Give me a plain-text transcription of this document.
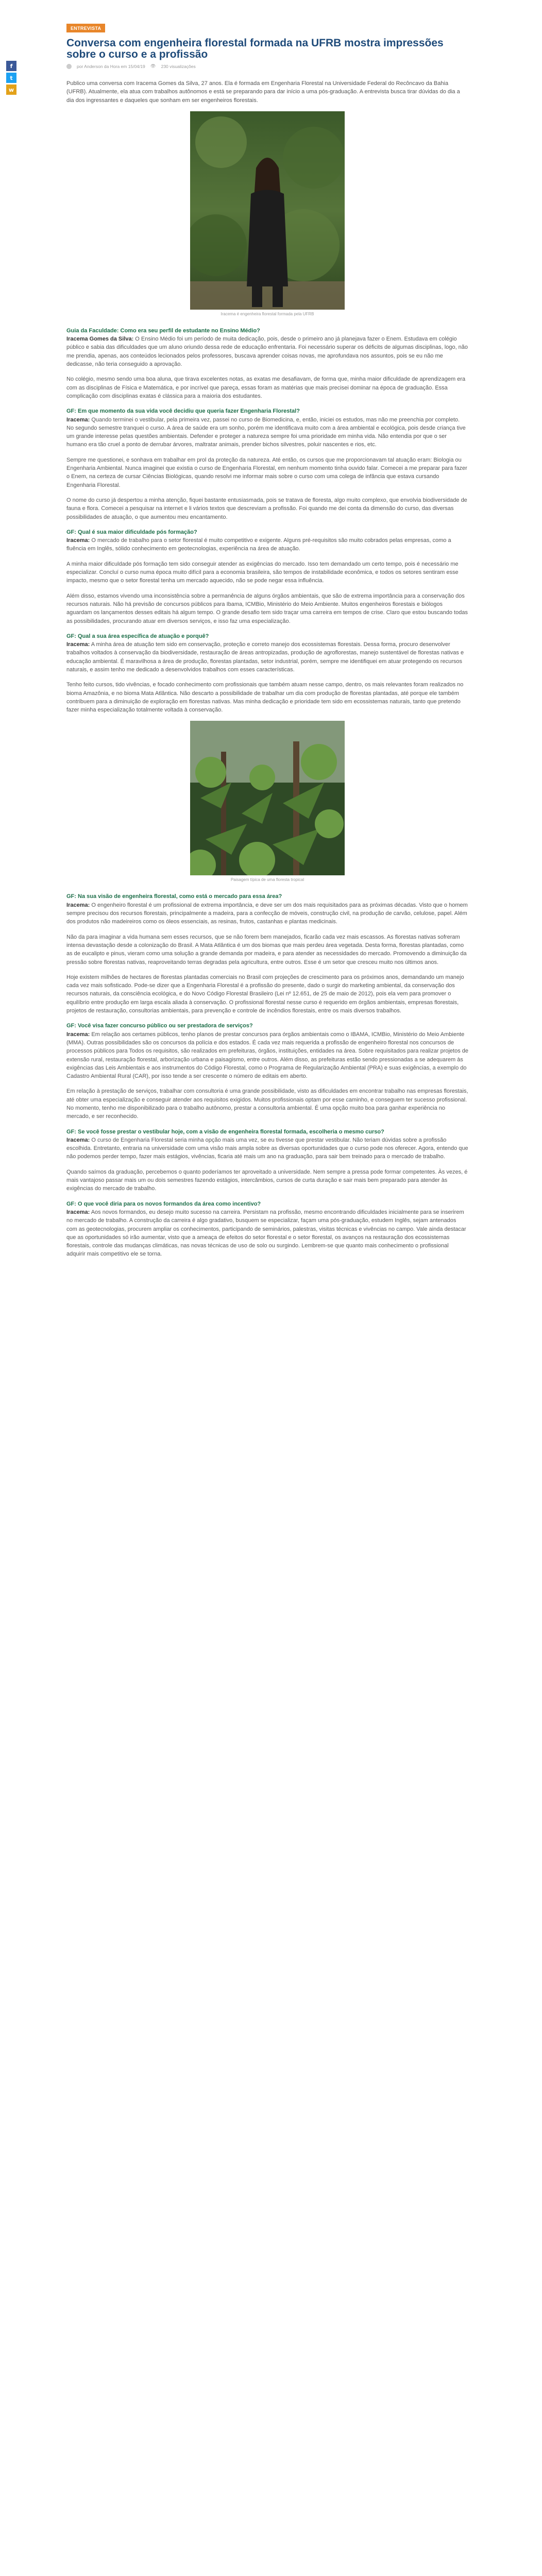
f
t
w
ENTREVISTA
Conversa com engenheira florestal formada na UFRB mostra impressões sobre o curso e a profissão
por Anderson da Hora em 15/04/19 👁 230 visualizações

Publico uma conversa com Iracema Gomes da Silva, 27 anos. Ela é formada em Engenharia Florestal na Universidade Federal do Recôncavo da Bahia (UFRB). Atualmente, ela atua com trabalhos autônomos e está se preparando para dar início a uma pós-graduação. A entrevista busca tirar dúvidas do dia a dia dos ingressantes e daqueles que sonham em ser engenheiros florestais.

Iracema é engenheira florestal formada pela UFRB

Guia da Faculdade: Como era seu perfil de estudante no Ensino Médio?
Iracema Gomes da Silva: O Ensino Médio foi um período de muita dedicação, pois, desde o primeiro ano já planejava fazer o Enem. Estudava em colégio público e sabia das dificuldades que um aluno oriundo dessa rede de educação enfrentaria. Foi necessário superar os déficits de algumas disciplinas, logo, não me prendia, apenas, aos conteúdos lecionados pelos professores, buscava aprender coisas novas, me aprofundava nos assuntos, pois se eu não me dedicasse, não teria conseguido a aprovação.

No colégio, mesmo sendo uma boa aluna, que tirava excelentes notas, as exatas me desafiavam, de forma que, minha maior dificuldade de aprendizagem era com as disciplinas de Física e Matemática, e por incrível que pareça, essas foram as matérias que mais precisei dominar na época de graduação. Essa complicação com disciplinas exatas é clássica para a maioria dos estudantes.

GF: Em que momento da sua vida você decidiu que queria fazer Engenharia Florestal?
Iracema: Quando terminei o vestibular, pela primeira vez, passei no curso de Biomedicina, e, então, iniciei os estudos, mas não me preenchia por completo. No segundo semestre tranquei o curso. A área de saúde era um sonho, porém me identificava muito com a área ambiental e ecológica, pois desde criança tive um grande interesse pelas questões ambientais. Defender e proteger a natureza sempre foi uma prioridade em minha vida. Não entendia por que o ser humano era tão cruel a ponto de derrubar árvores, maltratar animais, prender bichos silvestres, poluir nascentes e rios, etc.

Sempre me questionei, e sonhava em trabalhar em prol da proteção da natureza. Até então, os cursos que me proporcionavam tal atuação eram: Biologia ou Engenharia Ambiental. Nunca imaginei que existia o curso de Engenharia Florestal, em nenhum momento tinha ouvido falar. Comecei a me preparar para fazer o Enem, na certeza de cursar Ciências Biológicas, quando resolvi me informar mais sobre o curso com uma colega de infância que estava cursando Engenharia Florestal.

O nome do curso já despertou a minha atenção, fiquei bastante entusiasmada, pois se tratava de floresta, algo muito complexo, que envolvia biodiversidade de fauna e flora. Comecei a pesquisar na internet e li vários textos que descreviam a profissão. Foi quando me dei conta da dimensão do curso, das diversas possibilidades de atuação, o que aumentou meu encantamento.

GF: Qual é sua maior dificuldade pós formação?
Iracema: O mercado de trabalho para o setor florestal é muito competitivo e exigente. Alguns pré-requisitos são muito cobrados pelas empresas, como a fluência em Inglês, sólido conhecimento em geotecnologias, experiência na área de atuação.

A minha maior dificuldade pós formação tem sido conseguir atender as exigências do mercado. Isso tem demandado um certo tempo, pois é necessário me especializar. Concluí o curso numa época muito difícil para a economia brasileira, são tempos de instabilidade econômica, e todos os setores sentiram esse impacto, mesmo que o setor florestal tenha um mercado aquecido, não se pode negar essa influência.

Além disso, estamos vivendo uma inconsistência sobre a permanência de alguns órgãos ambientais, que são de extrema importância para a conservação dos recursos naturais. Não há previsão de concursos públicos para Ibama, ICMBio, Ministério do Meio Ambiente. Muitos engenheiros florestais e biólogos aguardam os lançamentos desses editais há algum tempo. O grande desafio tem sido traçar uma carreira em tempos de crise. Claro que estou buscando todas as possibilidades, procurando atuar em diversos serviços, e isso faz uma especialização.

GF: Qual a sua área específica de atuação e porquê?
Iracema: A minha área de atuação tem sido em conservação, proteção e correto manejo dos ecossistemas florestais. Dessa forma, procuro desenvolver trabalhos voltados à conservação da biodiversidade, restauração de áreas antropizadas, produção de agroflorestas, manejo sustentável de florestas nativas e educação ambiental. É maravilhosa a área de produção, florestas plantadas, setor industrial, porém, sempre me identifiquei em atuar protegendo os recursos naturais, e assim tenho me dedicado a desenvolvidos trabalhos com esses características.

Tenho feito cursos, tido vivências, e focado conhecimento com profissionais que também atuam nesse campo, dentro, os mais relevantes foram realizados no bioma Amazônia, e no bioma Mata Atlântica. Não descarto a possibilidade de trabalhar um dia com produção de florestas plantadas, até porque ele também contribuem para a diminuição de exploração em florestas nativas. Mas minha dedicação e prioridade tem sido em ecossistemas naturais, tanto que pretendo fazer minha especialização totalmente voltada à conservação.

Paisagem típica de uma floresta tropical

GF: Na sua visão de engenheira florestal, como está o mercado para essa área?
Iracema: O engenheiro florestal é um profissional de extrema importância, e deve ser um dos mais requisitados para as próximas décadas. Visto que o homem sempre precisou dos recursos florestais, principalmente a madeira, para a confecção de móveis, construção civil, na produção de carvão, celulose, papel. Além dos produtos não madeireiros como os óleos essenciais, as resinas, frutos, castanhas e plantas medicinais.

Não da para imaginar a vida humana sem esses recursos, que se não forem bem manejados, ficarão cada vez mais escassos. As florestas nativas sofreram intensa devastação desde a colonização do Brasil. A Mata Atlântica é um dos biomas que mais perdeu área vegetada. Desta forma, florestas plantadas, como as de eucalipto e pinus, vieram como uma solução a grande demanda por madeira, e para atender as necessidades do mercado. Promovendo a diminuição da pressão sobre florestas nativas, reaproveitando terras degradas pela agricultura, entre outros. Esse é um setor que cresceu muito nos últimos anos.

Hoje existem milhões de hectares de florestas plantadas comerciais no Brasil com projeções de crescimento para os próximos anos, demandando um manejo cada vez mais sofisticado. Pode-se dizer que a Engenharia Florestal é a profissão do presente, dado o surgir do marketing ambiental, da conservação dos recursos naturais, da consciência ecológica, e do Novo Código Florestal Brasileiro (Lei nº 12.651, de 25 de maio de 2012), pois ela vem para promover o equilíbrio entre produção em larga escala aliada à conservação. O profissional florestal nesse curso é requerido em órgãos ambientais, empresas florestais, projetos de restauração, consultorias ambientais, para prevenção e controle de incêndios florestais, entre os mais diversos trabalhos.

GF: Você visa fazer concurso público ou ser prestadora de serviços?
Iracema: Em relação aos certames públicos, tenho planos de prestar concursos para órgãos ambientais como o IBAMA, ICMBio, Ministério do Meio Ambiente (MMA). Outras possibilidades são os concursos da polícia e dos estados. É cada vez mais requerida a profissão de engenheiro florestal nos concursos de processos públicos para Todos os requisitos, são realizados em prefeituras, órgãos, instituições, entidades na área. Sobre requisitados para realizar projetos de extensão rural, restauração florestal, arborização urbana e paisagismo, entre outros. Além disso, as prefeituras estão sendo pressionadas a se adequarem às exigências das Leis Ambientais e aos instrumentos do Código Florestal, como o Programa de Regularização Ambiental (PRA) e suas exigências, a exemplo do Cadastro Ambiental Rural (CAR), por isso tende a ser crescente o número de editais em aberto.

Em relação à prestação de serviços, trabalhar com consultoria é uma grande possibilidade, visto as dificuldades em encontrar trabalho nas empresas florestais, até obter uma especialização e conseguir atender aos requisitos exigidos. Muitos profissionais optam por esse caminho, e conseguem ter sucesso profissional. No momento, tenho me disponibilizado para o trabalho autônomo, prestar a consultoria ambiental. É uma opção muito boa para ganhar experiência no mercado, e ser reconhecido.

GF: Se você fosse prestar o vestibular hoje, com a visão de engenheira florestal formada, escolheria o mesmo curso?
Iracema: O curso de Engenharia Florestal seria minha opção mais uma vez, se eu tivesse que prestar vestibular. Não teriam dúvidas sobre a profissão escolhida. Entretanto, entraria na universidade com uma visão mais ampla sobre as diversas oportunidades que o curso pode nos oferecer. Agora, entendo que não podemos perder tempo, fazer mais estágios, vivências, ficaria até mais um ano na graduação, para sair bem treinado para o mercado de trabalho.

Quando saímos da graduação, percebemos o quanto poderíamos ter aproveitado a universidade. Nem sempre a pressa pode formar competentes. Às vezes, é mais vantajoso passar mais um ou dois semestres fazendo estágios, intercâmbios, cursos de curta duração e sair mais bem preparado para atender às exigências do mercado de trabalho.

GF: O que você diria para os novos formandos da área como incentivo?
Iracema: Aos novos formandos, eu desejo muito sucesso na carreira. Persistam na profissão, mesmo encontrando dificuldades inicialmente para se inserirem no mercado de trabalho. A construção da carreira é algo gradativo, busquem se especializar, façam uma pós-graduação, estudem Inglês, sejam antenados com as geotecnologias, procurem ampliar os conhecimentos, participando de seminários, palestras, visitas técnicas e vivências no campo. Vale ainda destacar que as oportunidades só irão aumentar, visto que a ameaça de efeitos do setor florestal e o setor florestal, os avanços na restauração dos ecossistemas florestais, controle das mudanças climáticas, nas novas técnicas de uso de solo ou surgindo. Lembrem-se que quanto mais conhecimento o profissional adquirir mais competitivo ele se torna.
